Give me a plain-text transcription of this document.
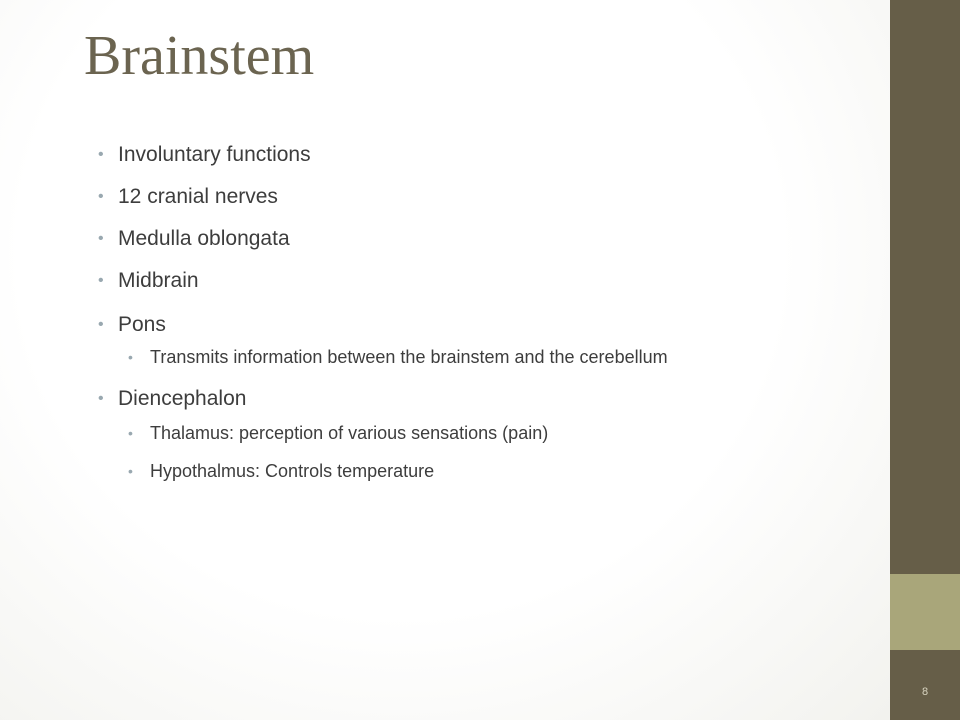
Brainstem
• Involuntary functions
• 12 cranial nerves
• Medulla oblongata
• Midbrain
• Pons
• Transmits information between the brainstem and the cerebellum
• Diencephalon
• Thalamus: perception of various sensations (pain)
• Hypothalmus: Controls temperature
8
